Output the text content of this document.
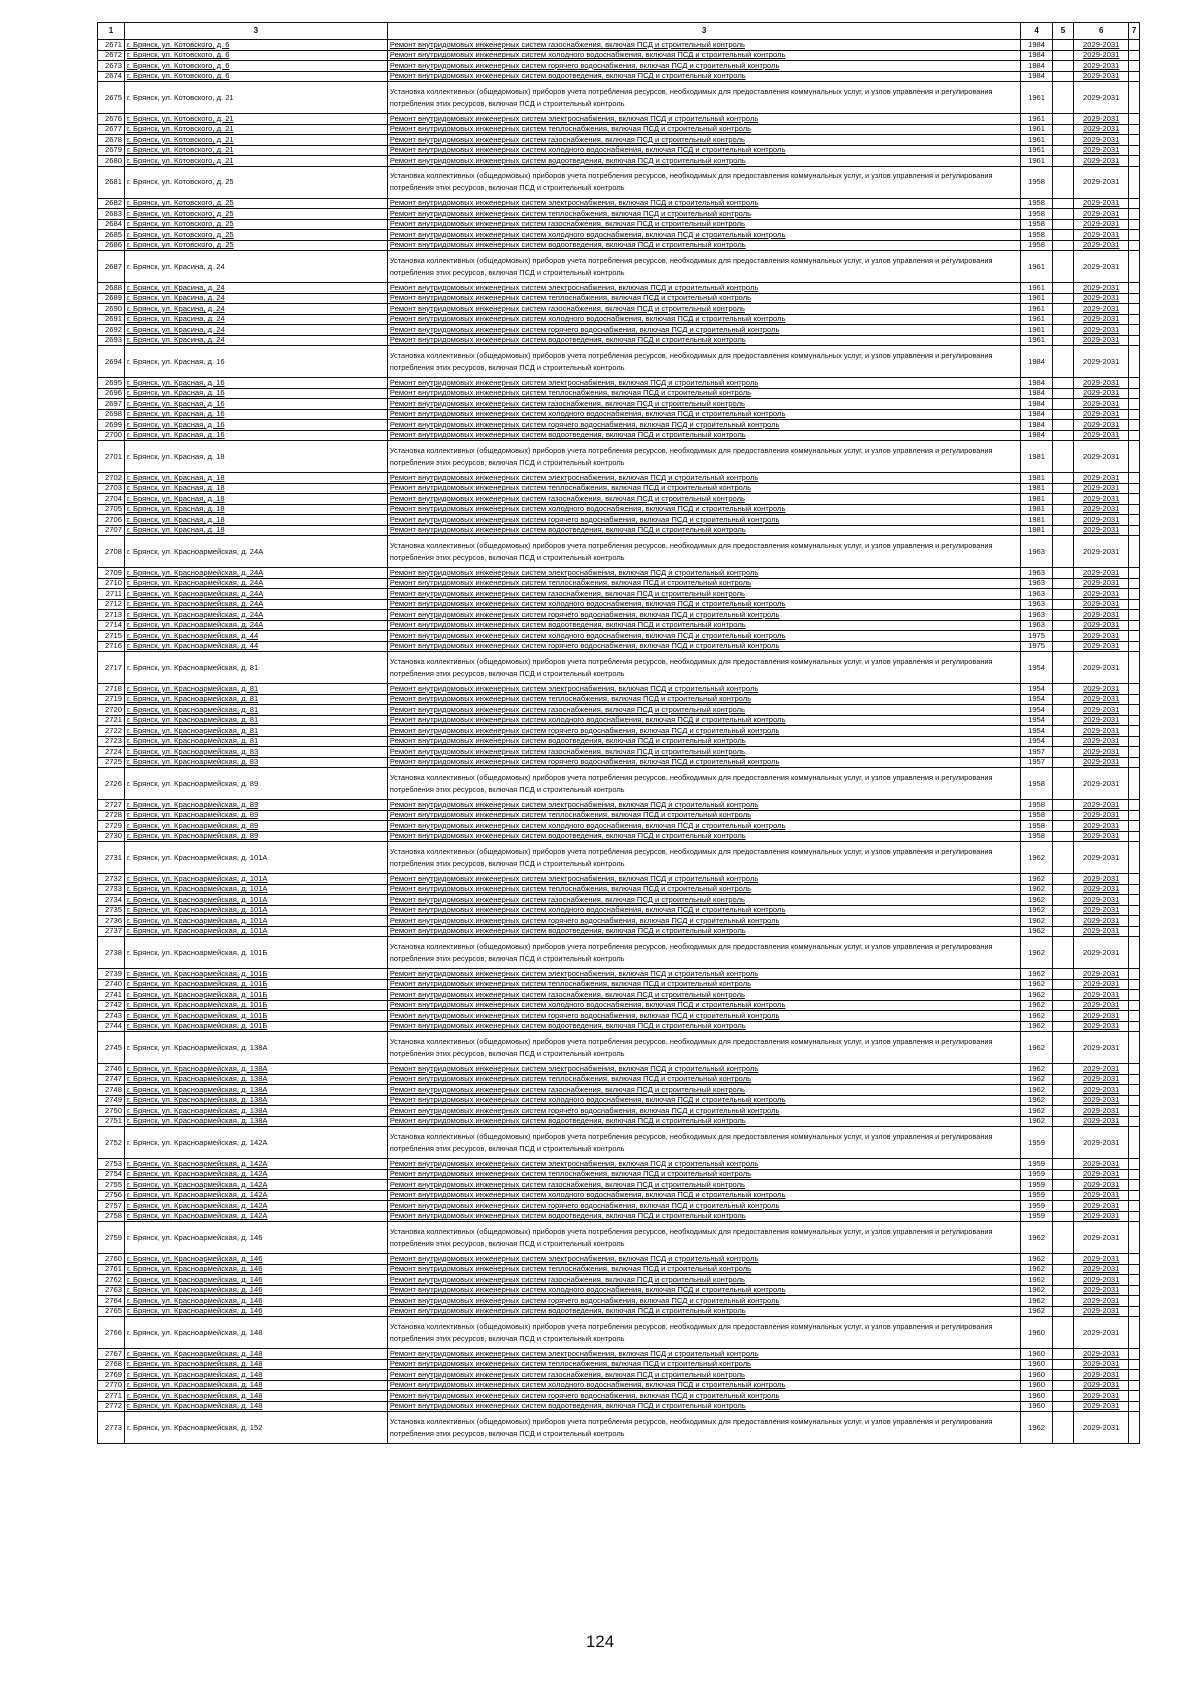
1	3	3	4	5	6	7
2671	г. Брянск, ул. Котовского, д. 6	Ремонт внутридомовых инженерных систем газоснабжения, включая ПСД и строительный контроль	1984		2029-2031	
2672	г. Брянск, ул. Котовского, д. 6	Ремонт внутридомовых инженерных систем холодного водоснабжения, включая ПСД и строительный контроль	1984		2029-2031	
2673	г. Брянск, ул. Котовского, д. 6	Ремонт внутридомовых инженерных систем горячего водоснабжения, включая ПСД и строительный контроль	1984		2029-2031	
2674	г. Брянск, ул. Котовского, д. 6	Ремонт внутридомовых инженерных систем водоотведения, включая ПСД и строительный контроль	1984		2029-2031	
2675	г. Брянск, ул. Котовского, д. 21	Установка коллективных (общедомовых) приборов учета потребления ресурсов, необходимых для предоставления коммунальных услуг, и узлов управления и регулирования потребления этих ресурсов, включая ПСД и строительный контроль	1961		2029-2031	
2676	г. Брянск, ул. Котовского, д. 21	Ремонт внутридомовых инженерных систем электроснабжения, включая ПСД и строительный контроль	1961		2029-2031	
2677	г. Брянск, ул. Котовского, д. 21	Ремонт внутридомовых инженерных систем теплоснабжения, включая ПСД и строительный контроль	1961		2029-2031	
2678	г. Брянск, ул. Котовского, д. 21	Ремонт внутридомовых инженерных систем газоснабжения, включая ПСД и строительный контроль	1961		2029-2031	
2679	г. Брянск, ул. Котовского, д. 21	Ремонт внутридомовых инженерных систем холодного водоснабжения, включая ПСД и строительный контроль	1961		2029-2031	
2680	г. Брянск, ул. Котовского, д. 21	Ремонт внутридомовых инженерных систем водоотведения, включая ПСД и строительный контроль	1961		2029-2031	
2681	г. Брянск, ул. Котовского, д. 25	Установка коллективных (общедомовых) приборов учета потребления ресурсов, необходимых для предоставления коммунальных услуг, и узлов управления и регулирования потребления этих ресурсов, включая ПСД и строительный контроль	1958		2029-2031	
2682	г. Брянск, ул. Котовского, д. 25	Ремонт внутридомовых инженерных систем электроснабжения, включая ПСД и строительный контроль	1958		2029-2031	
2683	г. Брянск, ул. Котовского, д. 25	Ремонт внутридомовых инженерных систем теплоснабжения, включая ПСД и строительный контроль	1958		2029-2031	
2684	г. Брянск, ул. Котовского, д. 25	Ремонт внутридомовых инженерных систем газоснабжения, включая ПСД и строительный контроль	1958		2029-2031	
2685	г. Брянск, ул. Котовского, д. 25	Ремонт внутридомовых инженерных систем холодного водоснабжения, включая ПСД и строительный контроль	1958		2029-2031	
2686	г. Брянск, ул. Котовского, д. 25	Ремонт внутридомовых инженерных систем водоотведения, включая ПСД и строительный контроль	1958		2029-2031	
2687	г. Брянск, ул. Красина, д. 24	Установка коллективных (общедомовых) приборов учета потребления ресурсов, необходимых для предоставления коммунальных услуг, и узлов управления и регулирования потребления этих ресурсов, включая ПСД и строительный контроль	1961		2029-2031	
2688	г. Брянск, ул. Красина, д. 24	Ремонт внутридомовых инженерных систем электроснабжения, включая ПСД и строительный контроль	1961		2029-2031	
2689	г. Брянск, ул. Красина, д. 24	Ремонт внутридомовых инженерных систем теплоснабжения, включая ПСД и строительный контроль	1961		2029-2031	
2690	г. Брянск, ул. Красина, д. 24	Ремонт внутридомовых инженерных систем газоснабжения, включая ПСД и строительный контроль	1961		2029-2031	
2691	г. Брянск, ул. Красина, д. 24	Ремонт внутридомовых инженерных систем холодного водоснабжения, включая ПСД и строительный контроль	1961		2029-2031	
2692	г. Брянск, ул. Красина, д. 24	Ремонт внутридомовых инженерных систем горячего водоснабжения, включая ПСД и строительный контроль	1961		2029-2031	
2693	г. Брянск, ул. Красина, д. 24	Ремонт внутридомовых инженерных систем водоотведения, включая ПСД и строительный контроль	1961		2029-2031	
2694	г. Брянск, ул. Красная, д. 16	Установка коллективных (общедомовых) приборов учета потребления ресурсов, необходимых для предоставления коммунальных услуг, и узлов управления и регулирования потребления этих ресурсов, включая ПСД и строительный контроль	1984		2029-2031	
2695	г. Брянск, ул. Красная, д. 16	Ремонт внутридомовых инженерных систем электроснабжения, включая ПСД и строительный контроль	1984		2029-2031	
2696	г. Брянск, ул. Красная, д. 16	Ремонт внутридомовых инженерных систем теплоснабжения, включая ПСД и строительный контроль	1984		2029-2031	
2697	г. Брянск, ул. Красная, д. 16	Ремонт внутридомовых инженерных систем газоснабжения, включая ПСД и строительный контроль	1984		2029-2031	
2698	г. Брянск, ул. Красная, д. 16	Ремонт внутридомовых инженерных систем холодного водоснабжения, включая ПСД и строительный контроль	1984		2029-2031	
2699	г. Брянск, ул. Красная, д. 16	Ремонт внутридомовых инженерных систем горячего водоснабжения, включая ПСД и строительный контроль	1984		2029-2031	
2700	г. Брянск, ул. Красная, д. 16	Ремонт внутридомовых инженерных систем водоотведения, включая ПСД и строительный контроль	1984		2029-2031	
2701	г. Брянск, ул. Красная, д. 18	Установка коллективных (общедомовых) приборов учета потребления ресурсов, необходимых для предоставления коммунальных услуг, и узлов управления и регулирования потребления этих ресурсов, включая ПСД и строительный контроль	1981		2029-2031	
2702	г. Брянск, ул. Красная, д. 18	Ремонт внутридомовых инженерных систем электроснабжения, включая ПСД и строительный контроль	1981		2029-2031	
2703	г. Брянск, ул. Красная, д. 18	Ремонт внутридомовых инженерных систем теплоснабжения, включая ПСД и строительный контроль	1981		2029-2031	
2704	г. Брянск, ул. Красная, д. 18	Ремонт внутридомовых инженерных систем газоснабжения, включая ПСД и строительный контроль	1981		2029-2031	
2705	г. Брянск, ул. Красная, д. 18	Ремонт внутридомовых инженерных систем холодного водоснабжения, включая ПСД и строительный контроль	1981		2029-2031	
2706	г. Брянск, ул. Красная, д. 18	Ремонт внутридомовых инженерных систем горячего водоснабжения, включая ПСД и строительный контроль	1981		2029-2031	
2707	г. Брянск, ул. Красная, д. 18	Ремонт внутридомовых инженерных систем водоотведения, включая ПСД и строительный контроль	1981		2029-2031	
2708	г. Брянск, ул. Красноармейская, д. 24А	Установка коллективных (общедомовых) приборов учета потребления ресурсов, необходимых для предоставления коммунальных услуг, и узлов управления и регулирования потребления этих ресурсов, включая ПСД и строительный контроль	1963		2029-2031	
2709	г. Брянск, ул. Красноармейская, д. 24А	Ремонт внутридомовых инженерных систем электроснабжения, включая ПСД и строительный контроль	1963		2029-2031	
2710	г. Брянск, ул. Красноармейская, д. 24А	Ремонт внутридомовых инженерных систем теплоснабжения, включая ПСД и строительный контроль	1963		2029-2031	
2711	г. Брянск, ул. Красноармейская, д. 24А	Ремонт внутридомовых инженерных систем газоснабжения, включая ПСД и строительный контроль	1963		2029-2031	
2712	г. Брянск, ул. Красноармейская, д. 24А	Ремонт внутридомовых инженерных систем холодного водоснабжения, включая ПСД и строительный контроль	1963		2029-2031	
2713	г. Брянск, ул. Красноармейская, д. 24А	Ремонт внутридомовых инженерных систем горячего водоснабжения, включая ПСД и строительный контроль	1963		2029-2031	
2714	г. Брянск, ул. Красноармейская, д. 24А	Ремонт внутридомовых инженерных систем водоотведения, включая ПСД и строительный контроль	1963		2029-2031	
2715	г. Брянск, ул. Красноармейская, д. 44	Ремонт внутридомовых инженерных систем холодного водоснабжения, включая ПСД и строительный контроль	1975		2029-2031	
2716	г. Брянск, ул. Красноармейская, д. 44	Ремонт внутридомовых инженерных систем горячего водоснабжения, включая ПСД и строительный контроль	1975		2029-2031	
2717	г. Брянск, ул. Красноармейская, д. 81	Установка коллективных (общедомовых) приборов учета потребления ресурсов, необходимых для предоставления коммунальных услуг, и узлов управления и регулирования потребления этих ресурсов, включая ПСД и строительный контроль	1954		2029-2031	
2718	г. Брянск, ул. Красноармейская, д. 81	Ремонт внутридомовых инженерных систем электроснабжения, включая ПСД и строительный контроль	1954		2029-2031	
2719	г. Брянск, ул. Красноармейская, д. 81	Ремонт внутридомовых инженерных систем теплоснабжения, включая ПСД и строительный контроль	1954		2029-2031	
2720	г. Брянск, ул. Красноармейская, д. 81	Ремонт внутридомовых инженерных систем газоснабжения, включая ПСД и строительный контроль	1954		2029-2031	
2721	г. Брянск, ул. Красноармейская, д. 81	Ремонт внутридомовых инженерных систем холодного водоснабжения, включая ПСД и строительный контроль	1954		2029-2031	
2722	г. Брянск, ул. Красноармейская, д. 81	Ремонт внутридомовых инженерных систем горячего водоснабжения, включая ПСД и строительный контроль	1954		2029-2031	
2723	г. Брянск, ул. Красноармейская, д. 81	Ремонт внутридомовых инженерных систем водоотведения, включая ПСД и строительный контроль	1954		2029-2031	
2724	г. Брянск, ул. Красноармейская, д. 83	Ремонт внутридомовых инженерных систем газоснабжения, включая ПСД и строительный контроль	1957		2029-2031	
2725	г. Брянск, ул. Красноармейская, д. 83	Ремонт внутридомовых инженерных систем горячего водоснабжения, включая ПСД и строительный контроль	1957		2029-2031	
2726	г. Брянск, ул. Красноармейская, д. 89	Установка коллективных (общедомовых) приборов учета потребления ресурсов, необходимых для предоставления коммунальных услуг, и узлов управления и регулирования потребления этих ресурсов, включая ПСД и строительный контроль	1958		2029-2031	
2727	г. Брянск, ул. Красноармейская, д. 89	Ремонт внутридомовых инженерных систем электроснабжения, включая ПСД и строительный контроль	1958		2029-2031	
2728	г. Брянск, ул. Красноармейская, д. 89	Ремонт внутридомовых инженерных систем теплоснабжения, включая ПСД и строительный контроль	1958		2029-2031	
2729	г. Брянск, ул. Красноармейская, д. 89	Ремонт внутридомовых инженерных систем холодного водоснабжения, включая ПСД и строительный контроль	1958		2029-2031	
2730	г. Брянск, ул. Красноармейская, д. 89	Ремонт внутридомовых инженерных систем водоотведения, включая ПСД и строительный контроль	1958		2029-2031	
2731	г. Брянск, ул. Красноармейская, д. 101А	Установка коллективных (общедомовых) приборов учета потребления ресурсов, необходимых для предоставления коммунальных услуг, и узлов управления и регулирования потребления этих ресурсов, включая ПСД и строительный контроль	1962		2029-2031	
2732	г. Брянск, ул. Красноармейская, д. 101А	Ремонт внутридомовых инженерных систем электроснабжения, включая ПСД и строительный контроль	1962		2029-2031	
2733	г. Брянск, ул. Красноармейская, д. 101А	Ремонт внутридомовых инженерных систем теплоснабжения, включая ПСД и строительный контроль	1962		2029-2031	
2734	г. Брянск, ул. Красноармейская, д. 101А	Ремонт внутридомовых инженерных систем газоснабжения, включая ПСД и строительный контроль	1962		2029-2031	
2735	г. Брянск, ул. Красноармейская, д. 101А	Ремонт внутридомовых инженерных систем холодного водоснабжения, включая ПСД и строительный контроль	1962		2029-2031	
2736	г. Брянск, ул. Красноармейская, д. 101А	Ремонт внутридомовых инженерных систем горячего водоснабжения, включая ПСД и строительный контроль	1962		2029-2031	
2737	г. Брянск, ул. Красноармейская, д. 101А	Ремонт внутридомовых инженерных систем водоотведения, включая ПСД и строительный контроль	1962		2029-2031	
2738	г. Брянск, ул. Красноармейская, д. 101Б	Установка коллективных (общедомовых) приборов учета потребления ресурсов, необходимых для предоставления коммунальных услуг, и узлов управления и регулирования потребления этих ресурсов, включая ПСД и строительный контроль	1962		2029-2031	
2739	г. Брянск, ул. Красноармейская, д. 101Б	Ремонт внутридомовых инженерных систем электроснабжения, включая ПСД и строительный контроль	1962		2029-2031	
2740	г. Брянск, ул. Красноармейская, д. 101Б	Ремонт внутридомовых инженерных систем теплоснабжения, включая ПСД и строительный контроль	1962		2029-2031	
2741	г. Брянск, ул. Красноармейская, д. 101Б	Ремонт внутридомовых инженерных систем газоснабжения, включая ПСД и строительный контроль	1962		2029-2031	
2742	г. Брянск, ул. Красноармейская, д. 101Б	Ремонт внутридомовых инженерных систем холодного водоснабжения, включая ПСД и строительный контроль	1962		2029-2031	
2743	г. Брянск, ул. Красноармейская, д. 101Б	Ремонт внутридомовых инженерных систем горячего водоснабжения, включая ПСД и строительный контроль	1962		2029-2031	
2744	г. Брянск, ул. Красноармейская, д. 101Б	Ремонт внутридомовых инженерных систем водоотведения, включая ПСД и строительный контроль	1962		2029-2031	
2745	г. Брянск, ул. Красноармейская, д. 138А	Установка коллективных (общедомовых) приборов учета потребления ресурсов, необходимых для предоставления коммунальных услуг, и узлов управления и регулирования потребления этих ресурсов, включая ПСД и строительный контроль	1962		2029-2031	
2746	г. Брянск, ул. Красноармейская, д. 138А	Ремонт внутридомовых инженерных систем электроснабжения, включая ПСД и строительный контроль	1962		2029-2031	
2747	г. Брянск, ул. Красноармейская, д. 138А	Ремонт внутридомовых инженерных систем теплоснабжения, включая ПСД и строительный контроль	1962		2029-2031	
2748	г. Брянск, ул. Красноармейская, д. 138А	Ремонт внутридомовых инженерных систем газоснабжения, включая ПСД и строительный контроль	1962		2029-2031	
2749	г. Брянск, ул. Красноармейская, д. 138А	Ремонт внутридомовых инженерных систем холодного водоснабжения, включая ПСД и строительный контроль	1962		2029-2031	
2750	г. Брянск, ул. Красноармейская, д. 138А	Ремонт внутридомовых инженерных систем горячего водоснабжения, включая ПСД и строительный контроль	1962		2029-2031	
2751	г. Брянск, ул. Красноармейская, д. 138А	Ремонт внутридомовых инженерных систем водоотведения, включая ПСД и строительный контроль	1962		2029-2031	
2752	г. Брянск, ул. Красноармейская, д. 142А	Установка коллективных (общедомовых) приборов учета потребления ресурсов, необходимых для предоставления коммунальных услуг, и узлов управления и регулирования потребления этих ресурсов, включая ПСД и строительный контроль	1959		2029-2031	
2753	г. Брянск, ул. Красноармейская, д. 142А	Ремонт внутридомовых инженерных систем электроснабжения, включая ПСД и строительный контроль	1959		2029-2031	
2754	г. Брянск, ул. Красноармейская, д. 142А	Ремонт внутридомовых инженерных систем теплоснабжения, включая ПСД и строительный контроль	1959		2029-2031	
2755	г. Брянск, ул. Красноармейская, д. 142А	Ремонт внутридомовых инженерных систем газоснабжения, включая ПСД и строительный контроль	1959		2029-2031	
2756	г. Брянск, ул. Красноармейская, д. 142А	Ремонт внутридомовых инженерных систем холодного водоснабжения, включая ПСД и строительный контроль	1959		2029-2031	
2757	г. Брянск, ул. Красноармейская, д. 142А	Ремонт внутридомовых инженерных систем горячего водоснабжения, включая ПСД и строительный контроль	1959		2029-2031	
2758	г. Брянск, ул. Красноармейская, д. 142А	Ремонт внутридомовых инженерных систем водоотведения, включая ПСД и строительный контроль	1959		2029-2031	
2759	г. Брянск, ул. Красноармейская, д. 146	Установка коллективных (общедомовых) приборов учета потребления ресурсов, необходимых для предоставления коммунальных услуг, и узлов управления и регулирования потребления этих ресурсов, включая ПСД и строительный контроль	1962		2029-2031	
2760	г. Брянск, ул. Красноармейская, д. 146	Ремонт внутридомовых инженерных систем электроснабжения, включая ПСД и строительный контроль	1962		2029-2031	
2761	г. Брянск, ул. Красноармейская, д. 146	Ремонт внутридомовых инженерных систем теплоснабжения, включая ПСД и строительный контроль	1962		2029-2031	
2762	г. Брянск, ул. Красноармейская, д. 146	Ремонт внутридомовых инженерных систем газоснабжения, включая ПСД и строительный контроль	1962		2029-2031	
2763	г. Брянск, ул. Красноармейская, д. 146	Ремонт внутридомовых инженерных систем холодного водоснабжения, включая ПСД и строительный контроль	1962		2029-2031	
2764	г. Брянск, ул. Красноармейская, д. 146	Ремонт внутридомовых инженерных систем горячего водоснабжения, включая ПСД и строительный контроль	1962		2029-2031	
2765	г. Брянск, ул. Красноармейская, д. 146	Ремонт внутридомовых инженерных систем водоотведения, включая ПСД и строительный контроль	1962		2029-2031	
2766	г. Брянск, ул. Красноармейская, д. 148	Установка коллективных (общедомовых) приборов учета потребления ресурсов, необходимых для предоставления коммунальных услуг, и узлов управления и регулирования потребления этих ресурсов, включая ПСД и строительный контроль	1960		2029-2031	
2767	г. Брянск, ул. Красноармейская, д. 148	Ремонт внутридомовых инженерных систем электроснабжения, включая ПСД и строительный контроль	1960		2029-2031	
2768	г. Брянск, ул. Красноармейская, д. 148	Ремонт внутридомовых инженерных систем теплоснабжения, включая ПСД и строительный контроль	1960		2029-2031	
2769	г. Брянск, ул. Красноармейская, д. 148	Ремонт внутридомовых инженерных систем газоснабжения, включая ПСД и строительный контроль	1960		2029-2031	
2770	г. Брянск, ул. Красноармейская, д. 148	Ремонт внутридомовых инженерных систем холодного водоснабжения, включая ПСД и строительный контроль	1960		2029-2031	
2771	г. Брянск, ул. Красноармейская, д. 148	Ремонт внутридомовых инженерных систем горячего водоснабжения, включая ПСД и строительный контроль	1960		2029-2031	
2772	г. Брянск, ул. Красноармейская, д. 148	Ремонт внутридомовых инженерных систем водоотведения, включая ПСД и строительный контроль	1960		2029-2031	
2773	г. Брянск, ул. Красноармейская, д. 152	Установка коллективных (общедомовых) приборов учета потребления ресурсов, необходимых для предоставления коммунальных услуг, и узлов управления и регулирования потребления этих ресурсов, включая ПСД и строительный контроль	1962		2029-2031	
124
